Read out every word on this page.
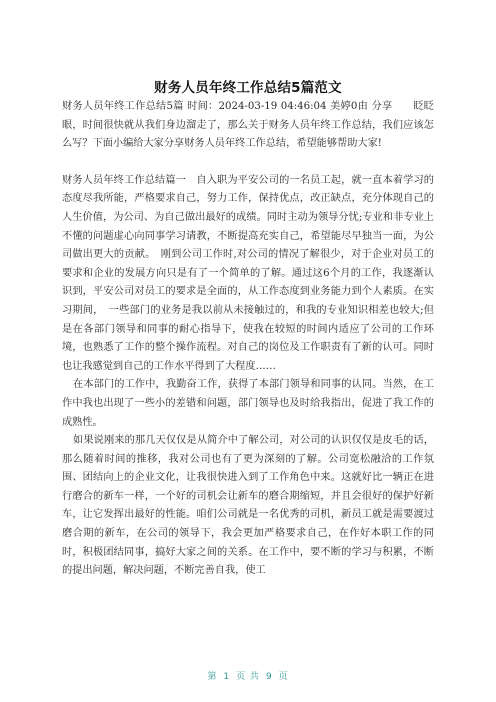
财务人员年终工作总结5篇范文

财务人员年终工作总结5篇 时间：2024-03-19 04:46:04 美婷0由 分享　　眨眨眼，时间很快就从我们身边溜走了，那么关于财务人员年终工作总结，我们应该怎么写？下面小编给大家分享财务人员年终工作总结，希望能够帮助大家!

财务人员年终工作总结篇一　自入职为平安公司的一名员工起，就一直本着学习的态度尽我所能，严格要求自己，努力工作，保持优点，改正缺点，充分体现自己的人生价值，为公司、为自己做出最好的成绩。同时主动为领导分忧;专业和非专业上不懂的问题虚心向同事学习请教，不断提高充实自己，希望能尽早独当一面，为公司做出更大的贡献。　刚到公司工作时,对公司的情况了解很少，对于企业对员工的要求和企业的发展方向只是有了一个简单的了解。通过这6个月的工作，我逐渐认识到，平安公司对员工的要求是全面的，从工作态度到业务能力到个人素质。在实习期间，　一些部门的业务是我以前从未接触过的，和我的专业知识相差也较大;但是在各部门领导和同事的耐心指导下，使我在较短的时间内适应了公司的工作环境，也熟悉了工作的整个操作流程。对自己的岗位及工作职责有了新的认可。同时也让我感觉到自己的工作水平得到了大程度……

在本部门的工作中，我勤奋工作，获得了本部门领导和同事的认同。当然，在工作中我也出现了一些小的差错和问题，部门领导也及时给我指出，促进了我工作的成熟性。

如果说刚来的那几天仅仅是从简介中了解公司，对公司的认识仅仅是皮毛的话，那么随着时间的推移，我对公司也有了更为深刻的了解。公司宽松融洽的工作氛围、团结向上的企业文化，让我很快进入到了工作角色中来。这就好比一辆正在进行磨合的新车一样，一个好的司机会让新车的磨合期缩短，并且会很好的保护好新车，让它发挥出最好的性能。咱们公司就是一名优秀的司机，新员工就是需要渡过磨合期的新车，在公司的领导下，我会更加严格要求自己，在作好本职工作的同时，积极团结同事，搞好大家之间的关系。在工作中，要不断的学习与积累，不断的提出问题，解决问题，不断完善自我，使工

第 1 页 共 9 页
